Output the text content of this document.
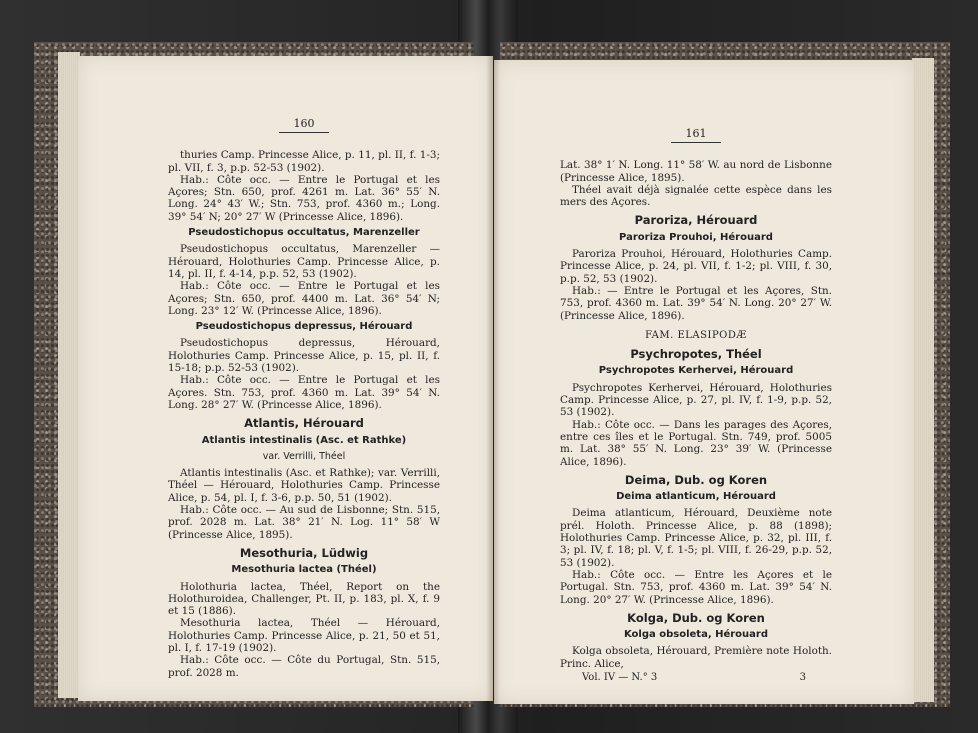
160
thuries Camp. Princesse Alice, p. 11, pl. II, f. 1-3; pl. VII, f. 3, p.p. 52-53 (1902).
Hab.: Côte occ. — Entre le Portugal et les Açores; Stn. 650, prof. 4261 m. Lat. 36° 55′ N. Long. 24° 43′ W.; Stn. 753, prof. 4360 m.; Long. 39° 54′ N; 20° 27′ W (Princesse Alice, 1896).
Pseudostichopus occultatus, Marenzeller
Pseudostichopus occultatus, Marenzeller — Hérouard, Holothuries Camp. Princesse Alice, p. 14, pl. II, f. 4-14, p.p. 52, 53 (1902).
Hab.: Côte occ. — Entre le Portugal et les Açores; Stn. 650, prof. 4400 m. Lat. 36° 54′ N; Long. 23° 12′ W. (Princesse Alice, 1896).
Pseudostichopus depressus, Hérouard
Pseudostichopus depressus, Hérouard, Holothuries Camp. Princesse Alice, p. 15, pl. II, f. 15-18; p.p. 52-53 (1902).
Hab.: Côte occ. — Entre le Portugal et les Açores. Stn. 753, prof. 4360 m. Lat. 39° 54′ N. Long. 28° 27′ W. (Princesse Alice, 1896).
Atlantis, Hérouard
Atlantis intestinalis (Asc. et Rathke)
var. Verrilli, Théel
Atlantis intestinalis (Asc. et Rathke); var. Verrilli, Théel — Hérouard, Holothuries Camp. Princesse Alice, p. 54, pl. I, f. 3-6, p.p. 50, 51 (1902).
Hab.: Côte occ. — Au sud de Lisbonne; Stn. 515, prof. 2028 m. Lat. 38° 21′ N. Log. 11° 58′ W (Princesse Alice, 1895).
Mesothuria, Lüdwig
Mesothuria lactea (Théel)
Holothuria lactea, Théel, Report on the Holothuroidea, Challenger, Pt. II, p. 183, pl. X, f. 9 et 15 (1886).
Mesothuria lactea, Théel — Hérouard, Holothuries Camp. Princesse Alice, p. 21, 50 et 51, pl. I, f. 17-19 (1902).
Hab.: Côte occ. — Côte du Portugal, Stn. 515, prof. 2028 m.
161
Lat. 38° 1′ N. Long. 11° 58′ W. au nord de Lisbonne (Princesse Alice, 1895).
Théel avait déjà signalée cette espèce dans les mers des Açores.
Paroriza, Hérouard
Paroriza Prouhoi, Hérouard
Paroriza Prouhoi, Hérouard, Holothuries Camp. Princesse Alice, p. 24, pl. VII, f. 1-2; pl. VIII, f. 30, p.p. 52, 53 (1902).
Hab.: — Entre le Portugal et les Açores, Stn. 753, prof. 4360 m. Lat. 39° 54′ N. Long. 20° 27′ W. (Princesse Alice, 1896).
FAM. ELASIPODÆ
Psychropotes, Théel
Psychropotes Kerhervei, Hérouard
Psychropotes Kerhervei, Hérouard, Holothuries Camp. Princesse Alice, p. 27, pl. IV, f. 1-9, p.p. 52, 53 (1902).
Hab.: Côte occ. — Dans les parages des Açores, entre ces îles et le Portugal. Stn. 749, prof. 5005 m. Lat. 38° 55′ N. Long. 23° 39′ W. (Princesse Alice, 1896).
Deima, Dub. og Koren
Deima atlanticum, Hérouard
Deima atlanticum, Hérouard, Deuxième note prél. Holoth. Princesse Alice, p. 88 (1898); Holothuries Camp. Princesse Alice, p. 32, pl. III, f. 3; pl. IV, f. 18; pl. V, f. 1-5; pl. VIII, f. 26-29, p.p. 52, 53 (1902).
Hab.: Côte occ. — Entre les Açores et le Portugal. Stn. 753, prof. 4360 m. Lat. 39° 54′ N. Long. 20° 27′ W. (Princesse Alice, 1896).
Kolga, Dub. og Koren
Kolga obsoleta, Hérouard
Kolga obsoleta, Hérouard, Première note Holoth. Princ. Alice,
Vol. IV — N.° 3	3
